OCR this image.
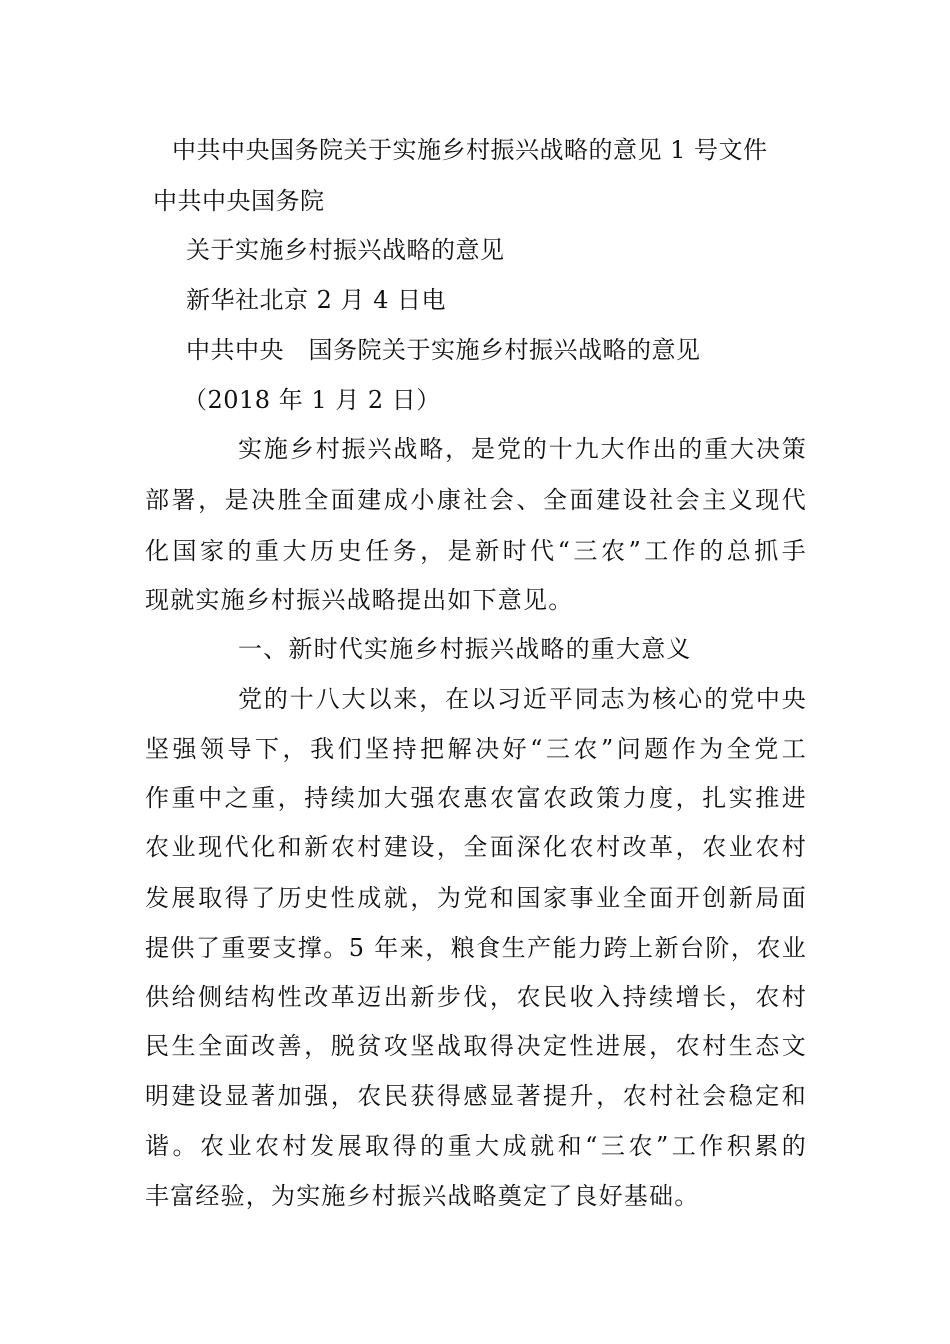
中共中央国务院关于实施乡村振兴战略的意见 1 号文件
中共中央国务院
关于实施乡村振兴战略的意见
新华社北京 2 月 4 日电
中共中央　国务院关于实施乡村振兴战略的意见
（2018 年 1 月 2 日）
实施乡村振兴战略，是党的十九大作出的重大决策
部署，是决胜全面建成小康社会、全面建设社会主义现代
化国家的重大历史任务，是新时代“三农”工作的总抓手
现就实施乡村振兴战略提出如下意见。
一、新时代实施乡村振兴战略的重大意义
党的十八大以来，在以习近平同志为核心的党中央
坚强领导下，我们坚持把解决好“三农”问题作为全党工
作重中之重，持续加大强农惠农富农政策力度，扎实推进
农业现代化和新农村建设，全面深化农村改革，农业农村
发展取得了历史性成就，为党和国家事业全面开创新局面
提供了重要支撑。5 年来，粮食生产能力跨上新台阶，农业
供给侧结构性改革迈出新步伐，农民收入持续增长，农村
民生全面改善，脱贫攻坚战取得决定性进展，农村生态文
明建设显著加强，农民获得感显著提升，农村社会稳定和
谐。农业农村发展取得的重大成就和“三农”工作积累的
丰富经验，为实施乡村振兴战略奠定了良好基础。
